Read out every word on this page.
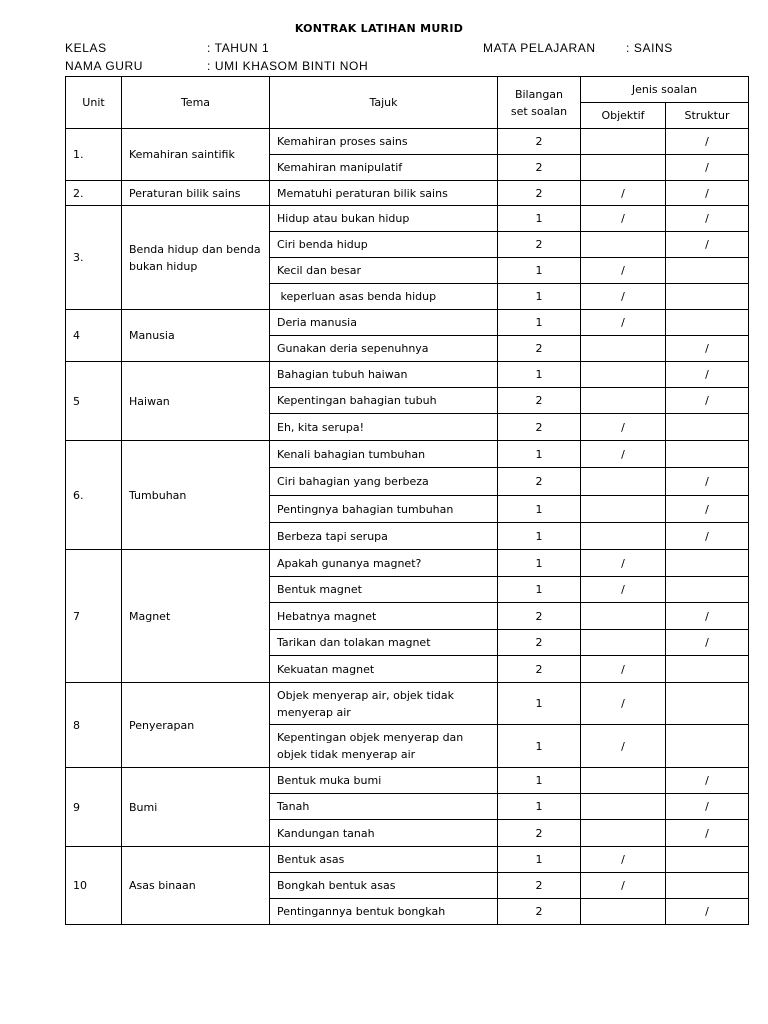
KONTRAK LATIHAN MURID
KELAS	: TAHUN 1	MATA PELAJARAN	: SAINS
NAMA GURU	: UMI KHASOM BINTI NOH
Unit	Tema	Tajuk	Bilangan set soalan	Jenis soalan	
				Objektif	Struktur
1.	Kemahiran saintifik	Kemahiran proses sains	2		/
		Kemahiran manipulatif	2		/
2.	Peraturan bilik sains	Mematuhi peraturan bilik sains	2	/	/
3.	Benda hidup dan benda bukan hidup	Hidup atau bukan hidup	1	/	/
		Ciri benda hidup	2		/
		Kecil dan besar	1	/	
		keperluan asas benda hidup	1	/	
4	Manusia	Deria manusia	1	/	
		Gunakan deria sepenuhnya	2		/
5	Haiwan	Bahagian tubuh haiwan	1		/
		Kepentingan bahagian tubuh	2		/
		Eh, kita serupa!	2	/	
6.	Tumbuhan	Kenali bahagian tumbuhan	1	/	
		Ciri bahagian yang berbeza	2		/
		Pentingnya bahagian tumbuhan	1		/
		Berbeza tapi serupa	1		/
7	Magnet	Apakah gunanya magnet?	1	/	
		Bentuk magnet	1	/	
		Hebatnya magnet	2		/
		Tarikan dan tolakan magnet	2		/
		Kekuatan magnet	2	/	
8	Penyerapan	Objek menyerap air, objek tidak menyerap air	1	/	
		Kepentingan objek menyerap dan objek tidak menyerap air	1	/	
9	Bumi	Bentuk muka bumi	1		/
		Tanah	1		/
		Kandungan tanah	2		/
10	Asas binaan	Bentuk asas	1	/	
		Bongkah bentuk asas	2	/	
		Pentingannya bentuk bongkah	2		/
